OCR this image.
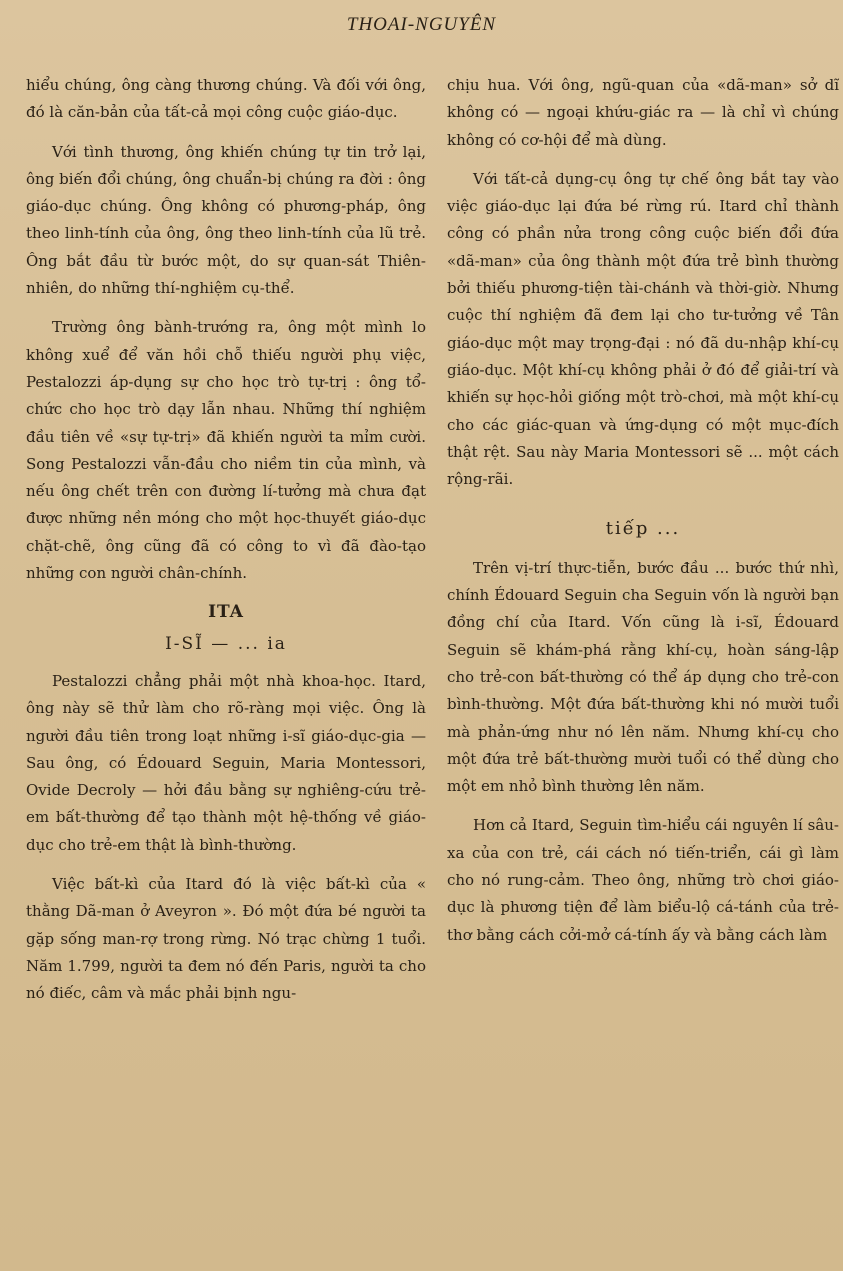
THOAI-NGUYÊN

hiểu chúng, ông càng thương chúng. Và đối với ông, đó là căn-bản của tất-cả mọi công cuộc giáo-dục.

Với tình thương, ông khiến chúng tự tin trở lại, ông biến đổi chúng, ông chuẩn-bị chúng ra đời : ông giáo-dục chúng. Ông không có phương-pháp, ông theo linh-tính của ông, ông theo linh-tính của lũ trẻ. Ông bắt đầu từ bước một, do sự quan-sát Thiên-nhiên, do những thí-nghiệm cụ-thể.

Trường ông bành-trướng ra, ông một mình lo không xuể để văn hồi chỗ thiếu người phụ việc, Pestalozzi áp-dụng sự cho học trò tự-trị : ông tổ-chức cho học trò dạy lẫn nhau. Những thí nghiệm đầu tiên về «sự tự-trị» đã khiến người ta mỉm cười. Song Pestalozzi vẫn-đầu cho niềm tin của mình, và nếu ông chết trên con đường lí-tưởng mà chưa đạt được những nền móng cho một học-thuyết giáo-dục chặt-chẽ, ông cũng đã có công to vì đã đào-tạo những con người chân-chính.

ITA
I-SĨ — ... ia

Pestalozzi chẳng phải một nhà khoa-học. Itard, ông này sẽ thử làm cho rõ-ràng mọi việc. Ông là người đầu tiên trong loạt những i-sĩ giáo-dục-gia — Sau ông, có Édouard Seguin, Maria Montessori, Ovide Decroly — hởi đầu bằng sự nghiêng-cứu trẻ-em bất-thường để tạo thành một hệ-thống về giáo-dục cho trẻ-em thật là bình-thường.

Việc bất-kì của Itard đó là việc bất-kì của « thằng Dã-man ở Aveyron ». Đó một đứa bé người ta gặp sống man-rợ trong rừng. Nó trạc chừng 1 tuổi. Năm 1.799, người ta đem nó đến Paris, người ta cho nó điếc, câm và mắc phải bịnh ngu-

chịu hua. Với ông, ngũ-quan của «dã-man» sở dĩ không có — ngoại khứu-giác ra — là chỉ vì chúng không có cơ-hội để mà dùng.

Với tất-cả dụng-cụ ông tự chế ông bắt tay vào việc giáo-dục lại đứa bé rừng rú. Itard chỉ thành công có phần nửa trong công cuộc biến đổi đứa «dã-man» của ông thành một đứa trẻ bình thường bởi thiếu phương-tiện tài-chánh và thời-giờ. Nhưng cuộc thí nghiệm đã đem lại cho tư-tưởng về Tân giáo-dục một may trọng-đại : nó đã du-nhập khí-cụ giáo-dục. Một khí-cụ không phải ở đó để giải-trí và khiến sự học-hỏi giống một trò-chơi, mà một khí-cụ cho các giác-quan và ứng-dụng có một mục-đích thật rệt. Sau này Maria Montessori sẽ ... một cách rộng-rãi.

tiếp ...

Trên vị-trí thực-tiễn, bước đầu ... bước thứ nhì, chính Édouard Seguin cha Seguin vốn là người bạn đồng chí của Itard. Vốn cũng là i-sĩ, Édouard Seguin sẽ khám-phá rằng khí-cụ, hoàn sáng-lập cho trẻ-con bất-thường có thể áp dụng cho trẻ-con bình-thường. Một đứa bất-thường khi nó mười tuổi mà phản-ứng như nó lên năm. Nhưng khí-cụ cho một đứa trẻ bất-thường mười tuổi có thể dùng cho một em nhỏ bình thường lên năm.

Hơn cả Itard, Seguin tìm-hiểu cái nguyên lí sâu-xa của con trẻ, cái cách nó tiến-triển, cái gì làm cho nó rung-cảm. Theo ông, những trò chơi giáo-dục là phương tiện để làm biểu-lộ cá-tánh của trẻ-thơ bằng cách cởi-mở cá-tính ấy và bằng cách làm
